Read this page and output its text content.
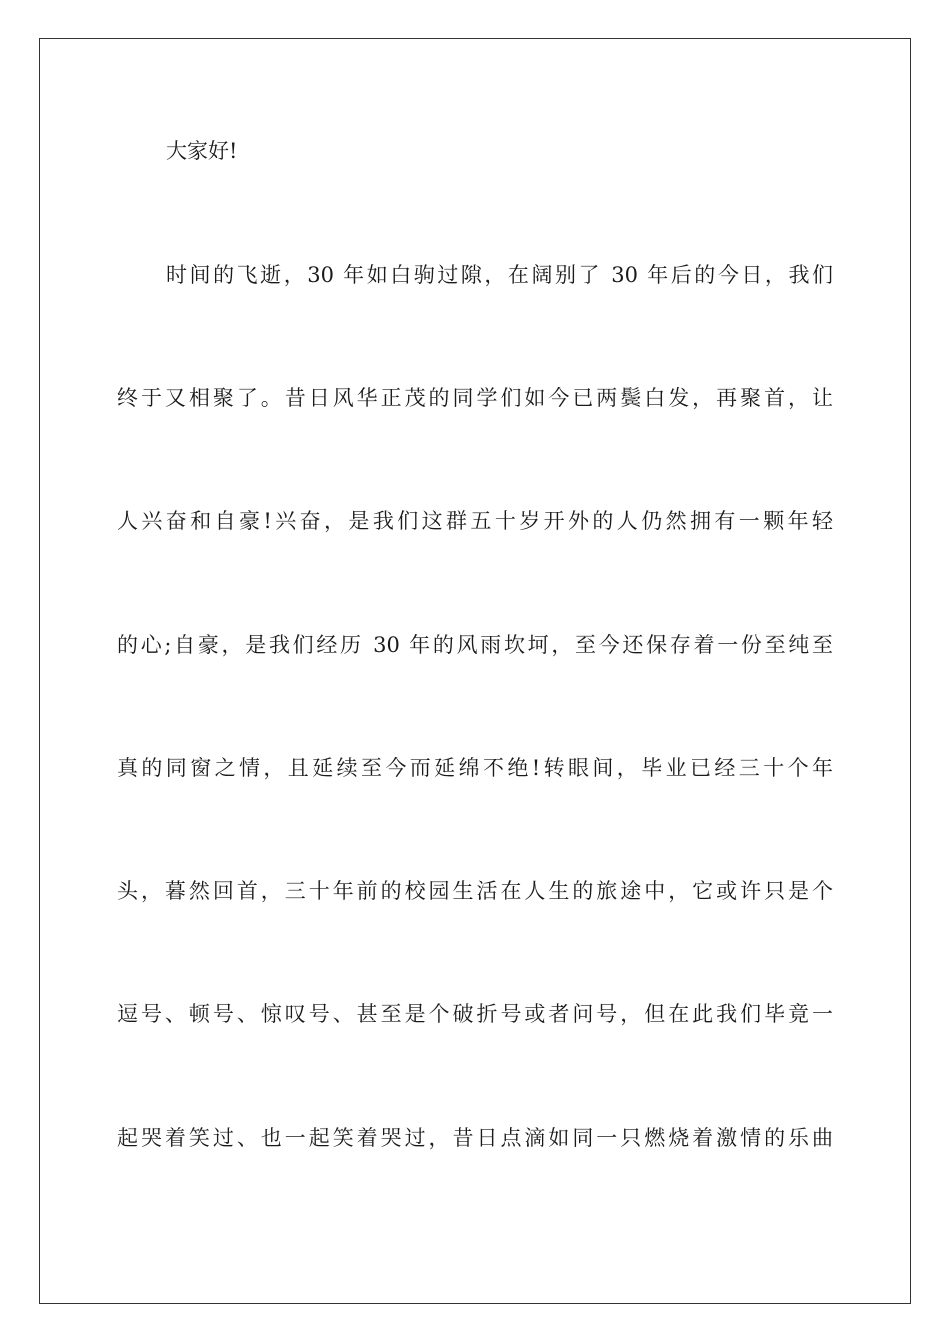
大家好!
时间的飞逝，30 年如白驹过隙，在阔别了 30 年后的今日，我们
终于又相聚了。昔日风华正茂的同学们如今已两鬓白发，再聚首，让
人兴奋和自豪!兴奋，是我们这群五十岁开外的人仍然拥有一颗年轻
的心;自豪，是我们经历 30 年的风雨坎坷，至今还保存着一份至纯至
真的同窗之情，且延续至今而延绵不绝!转眼间，毕业已经三十个年
头，暮然回首，三十年前的校园生活在人生的旅途中，它或许只是个
逗号、顿号、惊叹号、甚至是个破折号或者问号，但在此我们毕竟一
起哭着笑过、也一起笑着哭过，昔日点滴如同一只燃烧着激情的乐曲
